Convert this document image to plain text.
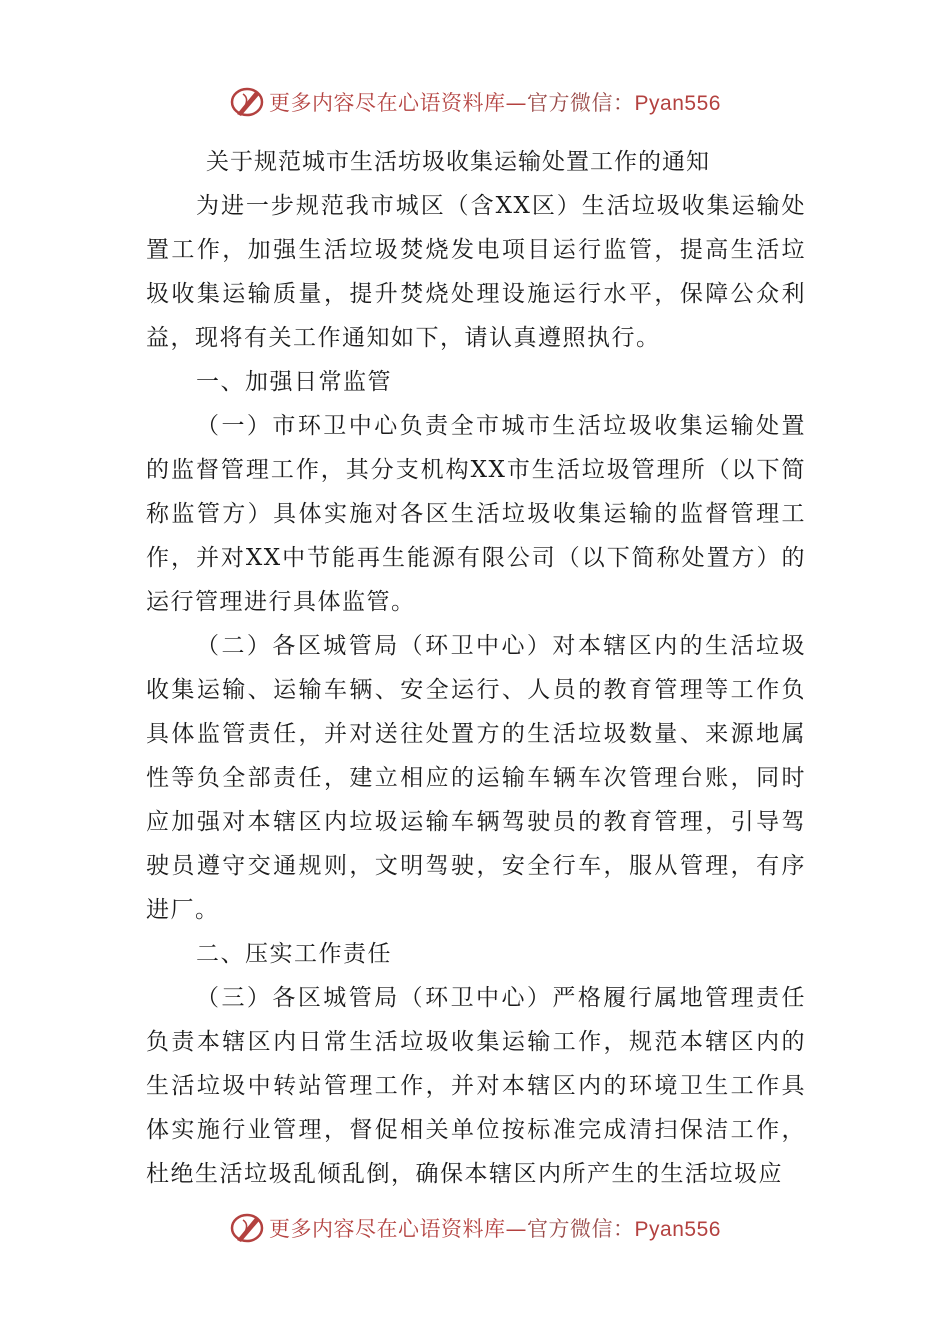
更多内容尽在心语资料库—官方微信：Pyan556
关于规范城市生活坊圾收集运输处置工作的通知

为进一步规范我市城区（含XX区）生活垃圾收集运输处置工作，加强生活垃圾焚烧发电项目运行监管，提高生活垃圾收集运输质量，提升焚烧处理设施运行水平，保障公众利益，现将有关工作通知如下，请认真遵照执行。

一、加强日常监管

（一）市环卫中心负责全市城市生活垃圾收集运输处置的监督管理工作，其分支机构XX市生活垃圾管理所（以下简称监管方）具体实施对各区生活垃圾收集运输的监督管理工作，并对XX中节能再生能源有限公司（以下简称处置方）的运行管理进行具体监管。

（二）各区城管局（环卫中心）对本辖区内的生活垃圾收集运输、运输车辆、安全运行、人员的教育管理等工作负具体监管责任，并对送往处置方的生活垃圾数量、来源地属性等负全部责任，建立相应的运输车辆车次管理台账，同时应加强对本辖区内垃圾运输车辆驾驶员的教育管理，引导驾驶员遵守交通规则，文明驾驶，安全行车，服从管理，有序进厂。

二、压实工作责任

（三）各区城管局（环卫中心）严格履行属地管理责任负责本辖区内日常生活垃圾收集运输工作，规范本辖区内的生活垃圾中转站管理工作，并对本辖区内的环境卫生工作具体实施行业管理，督促相关单位按标准完成清扫保洁工作，杜绝生活垃圾乱倾乱倒，确保本辖区内所产生的生活垃圾应

更多内容尽在心语资料库—官方微信：Pyan556
